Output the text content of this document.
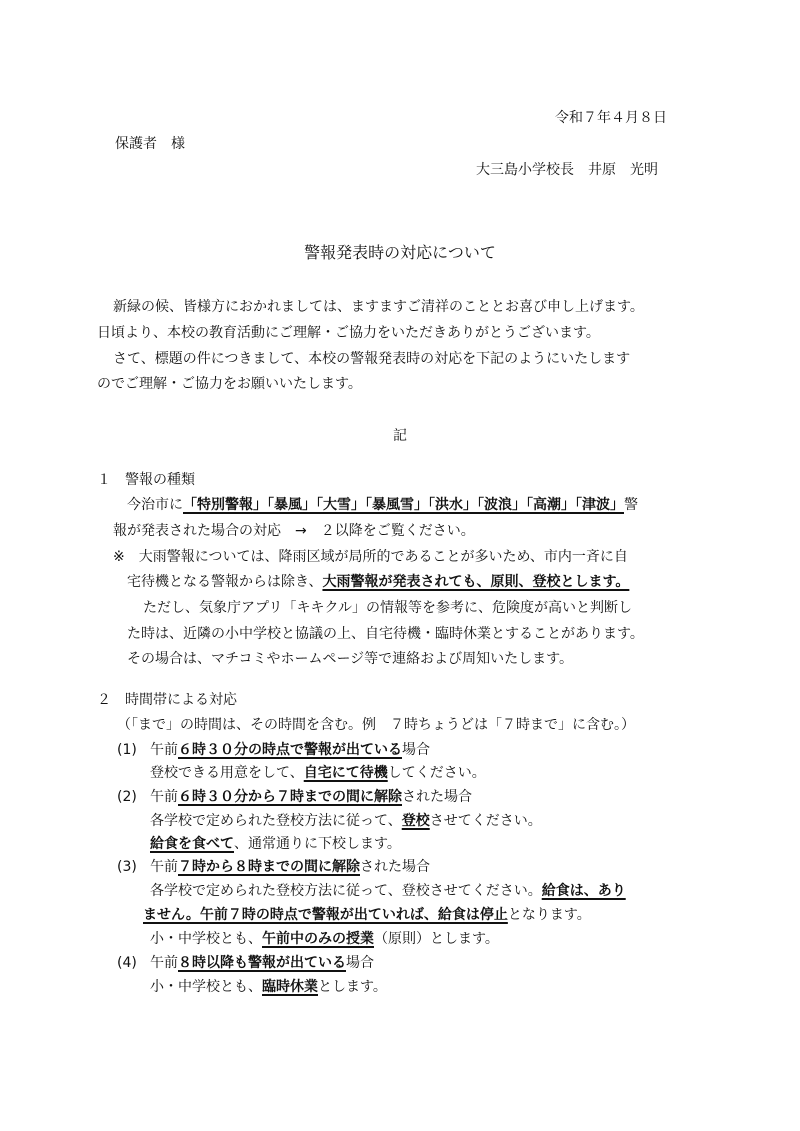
令和７年４月８日
保護者　様
大三島小学校長　井原　光明
警報発表時の対応について
新緑の候、皆様方におかれましては、ますますご清祥のこととお喜び申し上げます。
日頃より、本校の教育活動にご理解・ご協力をいただきありがとうございます。
さて、標題の件につきまして、本校の警報発表時の対応を下記のようにいたします
のでご理解・ご協力をお願いいたします。
記
１　警報の種類
今治市に「特別警報」「暴風」「大雪」「暴風雪」「洪水」「波浪」「高潮」「津波」警
報が発表された場合の対応　→　２以降をご覧ください。
※　大雨警報については、降雨区域が局所的であることが多いため、市内一斉に自
宅待機となる警報からは除き、大雨警報が発表されても、原則、登校とします。
ただし、気象庁アプリ「キキクル」の情報等を参考に、危険度が高いと判断し
た時は、近隣の小中学校と協議の上、自宅待機・臨時休業とすることがあります。
その場合は、マチコミやホームページ等で連絡および周知いたします。
２　時間帯による対応
（「まで」の時間は、その時間を含む。例　７時ちょうどは「７時まで」に含む。）
(1) 午前６時３０分の時点で警報が出ている場合
登校できる用意をして、自宅にて待機してください。
(2) 午前６時３０分から７時までの間に解除された場合
各学校で定められた登校方法に従って、登校させてください。
給食を食べて、通常通りに下校します。
(3) 午前７時から８時までの間に解除された場合
各学校で定められた登校方法に従って、登校させてください。給食は、あり
ません。午前７時の時点で警報が出ていれば、給食は停止となります。
小・中学校とも、午前中のみの授業（原則）とします。
(4) 午前８時以降も警報が出ている場合
小・中学校とも、臨時休業とします。
